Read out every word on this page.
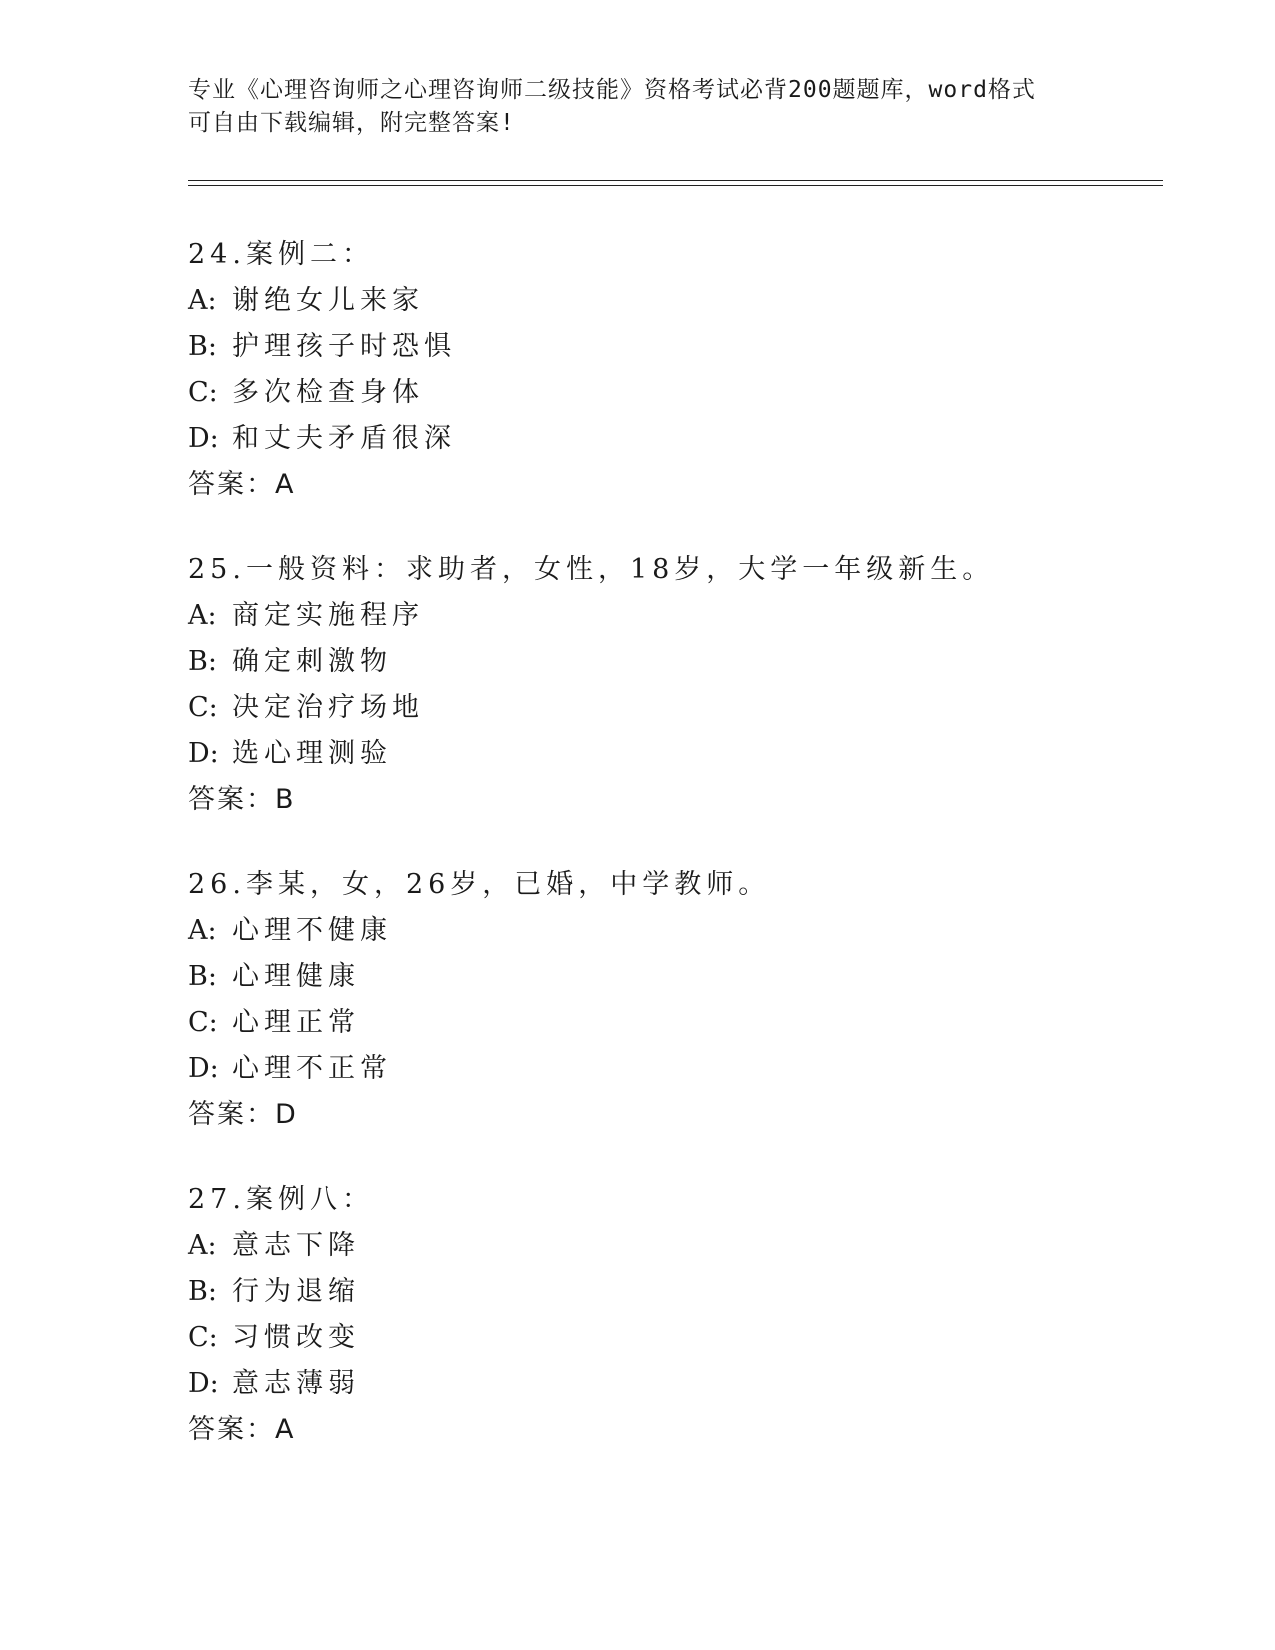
专业《心理咨询师之心理咨询师二级技能》资格考试必背200题题库，word格式
可自由下载编辑，附完整答案!
24.案例二：
A: 谢绝女儿来家
B: 护理孩子时恐惧
C: 多次检查身体
D: 和丈夫矛盾很深
答案：A
25.一般资料：求助者，女性，18岁，大学一年级新生。
A: 商定实施程序
B: 确定刺激物
C: 决定治疗场地
D: 选心理测验
答案：B
26.李某，女，26岁，已婚，中学教师。
A: 心理不健康
B: 心理健康
C: 心理正常
D: 心理不正常
答案：D
27.案例八：
A: 意志下降
B: 行为退缩
C: 习惯改变
D: 意志薄弱
答案：A
